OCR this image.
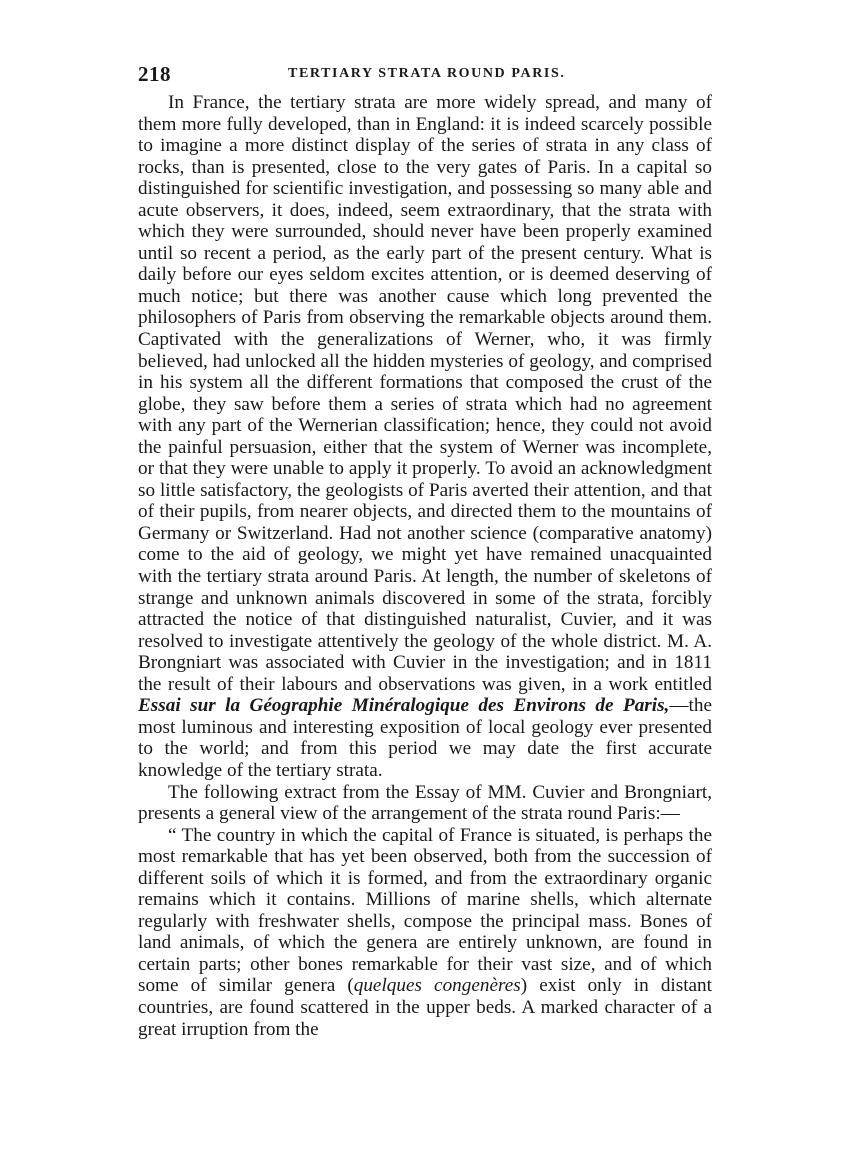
218	TERTIARY STRATA ROUND PARIS.

In France, the tertiary strata are more widely spread, and many of them more fully developed, than in England: it is indeed scarcely possible to imagine a more distinct display of the series of strata in any class of rocks, than is presented, close to the very gates of Paris. In a capital so distinguished for scientific investigation, and possessing so many able and acute observers, it does, indeed, seem extraordinary, that the strata with which they were surrounded, should never have been properly examined until so recent a period, as the early part of the present century. What is daily before our eyes seldom excites attention, or is deemed deserving of much notice; but there was another cause which long prevented the philosophers of Paris from observing the remarkable objects around them. Captivated with the generalizations of Werner, who, it was firmly believed, had unlocked all the hidden mysteries of geology, and comprised in his system all the different formations that composed the crust of the globe, they saw before them a series of strata which had no agreement with any part of the Wernerian classification; hence, they could not avoid the painful persuasion, either that the system of Werner was incomplete, or that they were unable to apply it properly. To avoid an acknowledgment so little satisfactory, the geologists of Paris averted their attention, and that of their pupils, from nearer objects, and directed them to the mountains of Germany or Switzerland. Had not another science (comparative anatomy) come to the aid of geology, we might yet have remained unacquainted with the tertiary strata around Paris. At length, the number of skeletons of strange and unknown animals discovered in some of the strata, forcibly attracted the notice of that distinguished naturalist, Cuvier, and it was resolved to investigate attentively the geology of the whole district. M. A. Brongniart was associated with Cuvier in the investigation; and in 1811 the result of their labours and observations was given, in a work entitled Essai sur la Géographie Minéralogique des Environs de Paris,—the most luminous and interesting exposition of local geology ever presented to the world; and from this period we may date the first accurate knowledge of the tertiary strata.

The following extract from the Essay of MM. Cuvier and Brongniart, presents a general view of the arrangement of the strata round Paris:—

“ The country in which the capital of France is situated, is perhaps the most remarkable that has yet been observed, both from the succession of different soils of which it is formed, and from the extraordinary organic remains which it contains. Millions of marine shells, which alternate regularly with freshwater shells, compose the principal mass. Bones of land animals, of which the genera are entirely unknown, are found in certain parts; other bones remarkable for their vast size, and of which some of similar genera (quelques congenères) exist only in distant countries, are found scattered in the upper beds. A marked character of a great irruption from the
